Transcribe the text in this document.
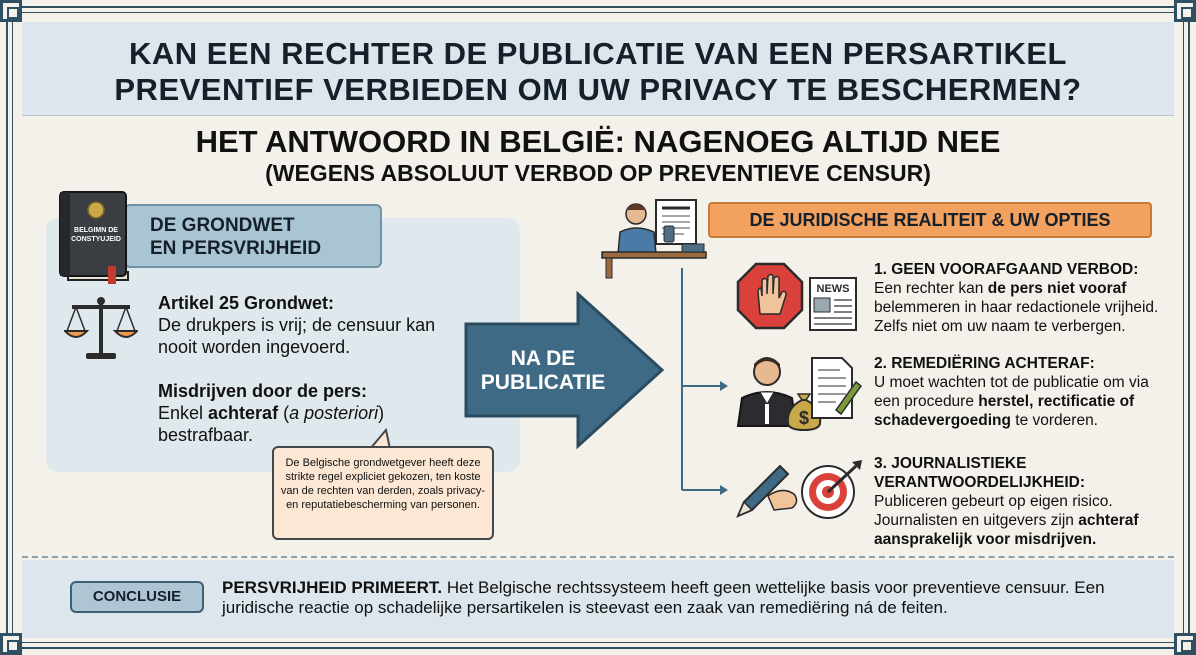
KAN EEN RECHTER DE PUBLICATIE VAN EEN PERSARTIKEL
PREVENTIEF VERBIEDEN OM UW PRIVACY TE BESCHERMEN?
HET ANTWOORD IN BELGIË: NAGENOEG ALTIJD NEE
(WEGENS ABSOLUUT VERBOD OP PREVENTIEVE CENSUR)
DE GRONDWET
EN PERSVRIJHEID
BELGIMN DE
CONSTYUJEID
Artikel 25 Grondwet:
De drukpers is vrij; de censuur kan nooit worden ingevoerd.
Misdrijven door de pers:
Enkel achteraf (a posteriori) bestrafbaar.
De Belgische grondwetgever heeft deze strikte regel expliciet gekozen, ten koste van de rechten van derden, zoals privacy- en reputatiebescherming van personen.
NA DE
PUBLICATIE
DE JURIDISCHE REALITEIT & UW OPTIES
NEWS
1. GEEN VOORAFGAAND VERBOD:
Een rechter kan de pers niet vooraf belemmeren in haar redactionele vrijheid. Zelfs niet om uw naam te verbergen.
$
2. REMEDIËRING ACHTERAF:
U moet wachten tot de publicatie om via een procedure herstel, rectificatie of schadevergoeding te vorderen.
3. JOURNALISTIEKE
VERANTWOORDELIJKHEID:
Publiceren gebeurt op eigen risico. Journalisten en uitgevers zijn achteraf aansprakelijk voor misdrijven.
CONCLUSIE	PERSVRIJHEID PRIMEERT. Het Belgische rechtssysteem heeft geen wettelijke basis voor preventieve censuur. Een juridische reactie op schadelijke persartikelen is steevast een zaak van remediëring ná de feiten.
